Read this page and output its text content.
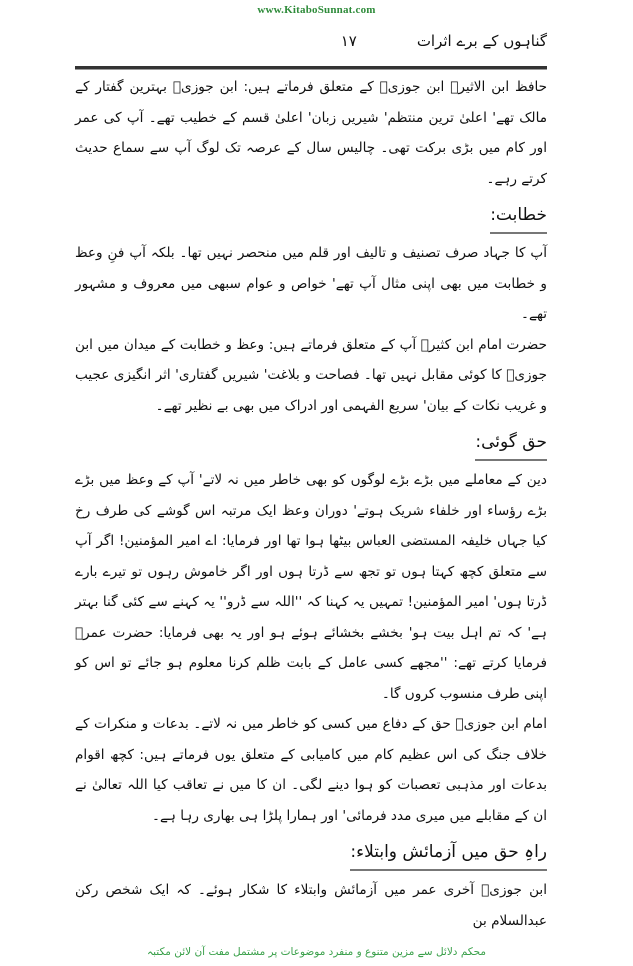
www.KitaboSunnat.com
گناہوں کے برے اثرات
۱۷

حافظ ابن الاثیرؒ ابن جوزیؒ کے متعلق فرماتے ہیں: ابن جوزیؒ بہترین گفتار کے مالک تھے' اعلیٰ ترین منتظم' شیریں زبان' اعلیٰ قسم کے خطیب تھے۔ آپ کی عمر اور کام میں بڑی برکت تھی۔ چالیس سال کے عرصہ تک لوگ آپ سے سماع حدیث کرتے رہے۔

خطابت:

آپ کا جہاد صرف تصنیف و تالیف اور قلم میں منحصر نہیں تھا۔ بلکہ آپ فنِ وعظ و خطابت میں بھی اپنی مثال آپ تھے' خواص و عوام سبھی میں معروف و مشہور تھے۔

حضرت امام ابن کثیرؒ آپ کے متعلق فرماتے ہیں: وعظ و خطابت کے میدان میں ابن جوزیؒ کا کوئی مقابل نہیں تھا۔ فصاحت و بلاغت' شیریں گفتاری' اثر انگیزی عجیب و غریب نکات کے بیان' سریع الفہمی اور ادراک میں بھی بے نظیر تھے۔

حق گوئی:

دین کے معاملے میں بڑے بڑے لوگوں کو بھی خاطر میں نہ لاتے' آپ کے وعظ میں بڑے بڑے رؤساء اور خلفاء شریک ہوتے' دوران وعظ ایک مرتبہ اس گوشے کی طرف رخ کیا جہاں خلیفہ المستضی العباس بیٹھا ہوا تھا اور فرمایا: اے امیر المؤمنین! اگر آپ سے متعلق کچھ کہتا ہوں تو تجھ سے ڈرتا ہوں اور اگر خاموش رہوں تو تیرے بارے ڈرتا ہوں' امیر المؤمنین! تمہیں یہ کہنا کہ ''اللہ سے ڈرو'' یہ کہنے سے کئی گنا بہتر ہے' کہ تم اہل بیت ہو' بخشے بخشائے ہوئے ہو اور یہ بھی فرمایا: حضرت عمرؓ فرمایا کرتے تھے: ''مجھے کسی عامل کے بابت ظلم کرنا معلوم ہو جائے تو اس کو اپنی طرف منسوب کروں گا۔

امام ابن جوزیؒ حق کے دفاع میں کسی کو خاطر میں نہ لاتے۔ بدعات و منکرات کے خلاف جنگ کی اس عظیم کام میں کامیابی کے متعلق یوں فرماتے ہیں: کچھ اقوام بدعات اور مذہبی تعصبات کو ہوا دینے لگی۔ ان کا میں نے تعاقب کیا اللہ تعالیٰ نے ان کے مقابلے میں میری مدد فرمائی' اور ہمارا پلڑا ہی بھاری رہا ہے۔

راہِ حق میں آزمائش وابتلاء:

ابن جوزیؒ آخری عمر میں آزمائش وابتلاء کا شکار ہوئے۔ کہ ایک شخص رکن عبدالسلام بن

محکم دلائل سے مزین متنوع و منفرد موضوعات پر مشتمل مفت آن لائن مکتبہ
